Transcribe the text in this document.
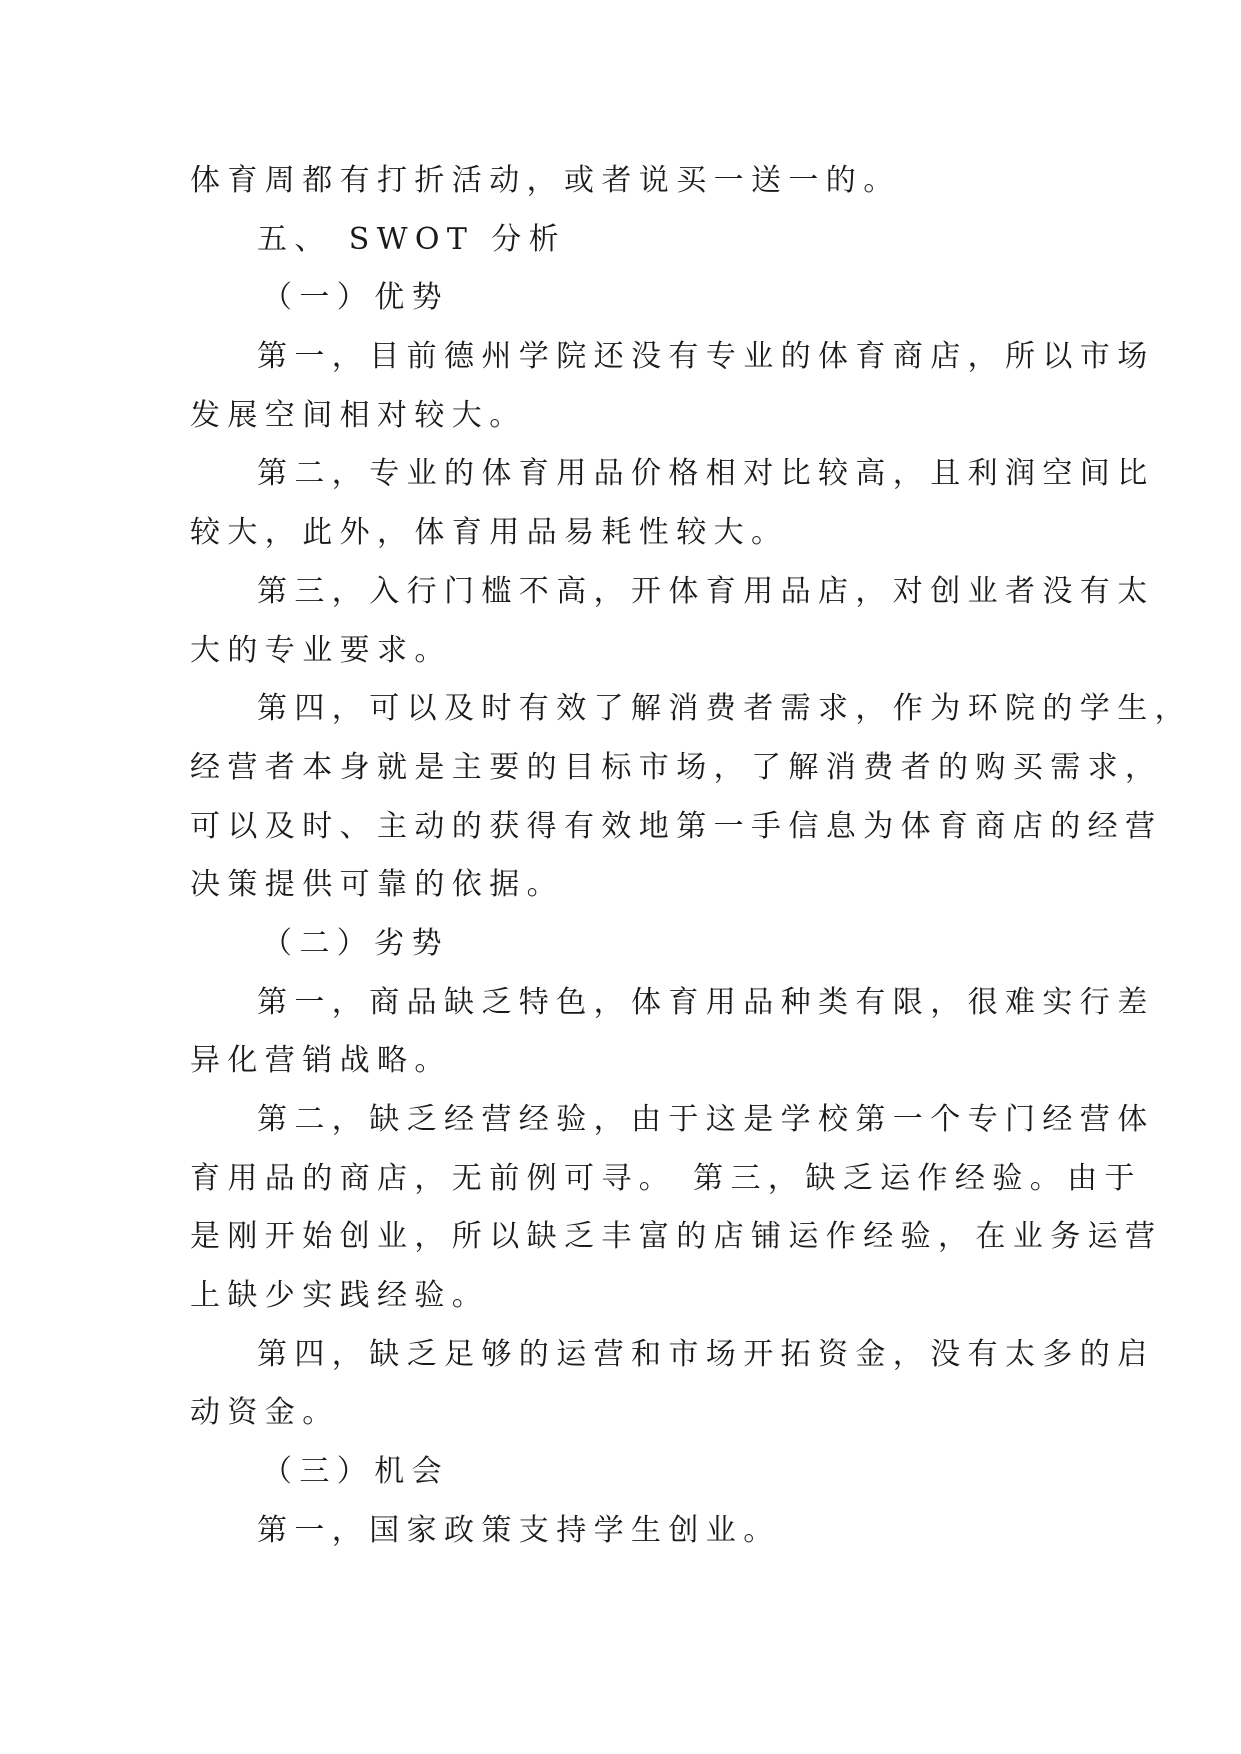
体育周都有打折活动，或者说买一送一的。
五、 SWOT 分析
（一）优势
第一，目前德州学院还没有专业的体育商店，所以市场
发展空间相对较大。
第二，专业的体育用品价格相对比较高，且利润空间比
较大，此外，体育用品易耗性较大。
第三，入行门槛不高，开体育用品店，对创业者没有太
大的专业要求。
第四，可以及时有效了解消费者需求，作为环院的学生，
经营者本身就是主要的目标市场，了解消费者的购买需求，
可以及时、主动的获得有效地第一手信息为体育商店的经营
决策提供可靠的依据。
（二）劣势
第一，商品缺乏特色，体育用品种类有限，很难实行差
异化营销战略。
第二，缺乏经营经验，由于这是学校第一个专门经营体
育用品的商店，无前例可寻。 第三，缺乏运作经验。由于
是刚开始创业，所以缺乏丰富的店铺运作经验，在业务运营
上缺少实践经验。
第四，缺乏足够的运营和市场开拓资金，没有太多的启
动资金。
（三）机会
第一，国家政策支持学生创业。
